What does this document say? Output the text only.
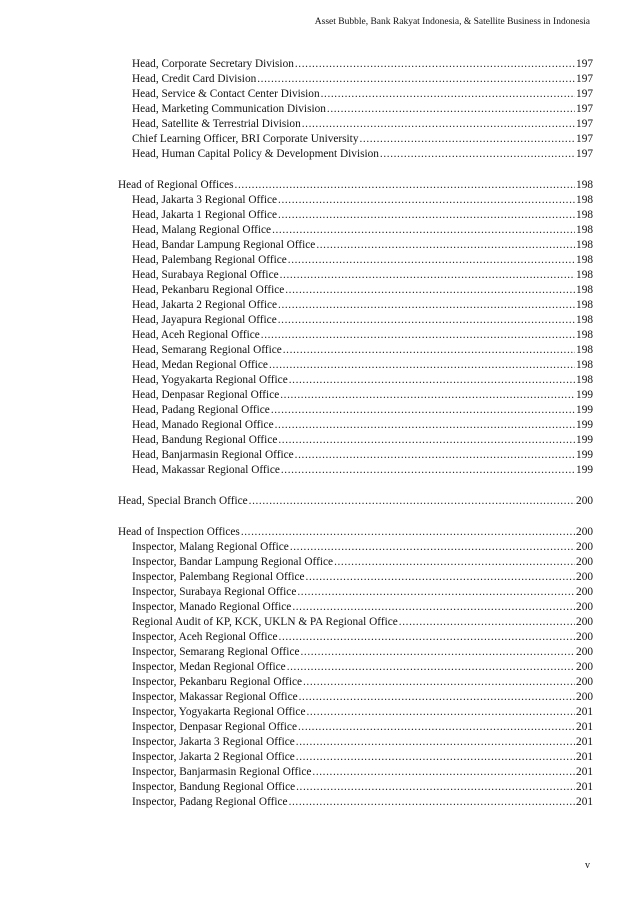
Asset Bubble, Bank Rakyat Indonesia, & Satellite Business in Indonesia
Head, Corporate Secretary Division .....	197
Head, Credit Card Division .....	197
Head, Service & Contact Center Division .....	197
Head, Marketing Communication Division .....	197
Head, Satellite & Terrestrial Division .....	197
Chief Learning Officer, BRI Corporate University .....	197
Head, Human Capital Policy & Development Division .....	197
Head of Regional Offices .....	198
Head, Jakarta 3 Regional Office .....	198
Head, Jakarta 1 Regional Office .....	198
Head, Malang Regional Office .....	198
Head, Bandar Lampung Regional Office .....	198
Head, Palembang Regional Office .....	198
Head, Surabaya Regional Office .....	198
Head, Pekanbaru Regional Office .....	198
Head, Jakarta 2 Regional Office .....	198
Head, Jayapura Regional Office .....	198
Head, Aceh Regional Office .....	198
Head, Semarang Regional Office .....	198
Head, Medan Regional Office .....	198
Head, Yogyakarta Regional Office .....	198
Head, Denpasar Regional Office .....	199
Head, Padang Regional Office .....	199
Head, Manado Regional Office .....	199
Head, Bandung Regional Office .....	199
Head, Banjarmasin Regional Office .....	199
Head, Makassar Regional Office .....	199
Head, Special Branch Office .....	200
Head of Inspection Offices .....	200
Inspector, Malang Regional Office .....	200
Inspector, Bandar Lampung Regional Office .....	200
Inspector, Palembang Regional Office .....	200
Inspector, Surabaya Regional Office .....	200
Inspector, Manado Regional Office .....	200
Regional Audit of KP, KCK, UKLN & PA Regional Office .....	200
Inspector, Aceh Regional Office .....	200
Inspector, Semarang Regional Office .....	200
Inspector, Medan Regional Office .....	200
Inspector, Pekanbaru Regional Office .....	200
Inspector, Makassar Regional Office .....	200
Inspector, Yogyakarta Regional Office .....	201
Inspector, Denpasar Regional Office .....	201
Inspector, Jakarta 3 Regional Office .....	201
Inspector, Jakarta 2 Regional Office .....	201
Inspector, Banjarmasin Regional Office .....	201
Inspector, Bandung Regional Office .....	201
Inspector, Padang Regional Office .....	201
v
